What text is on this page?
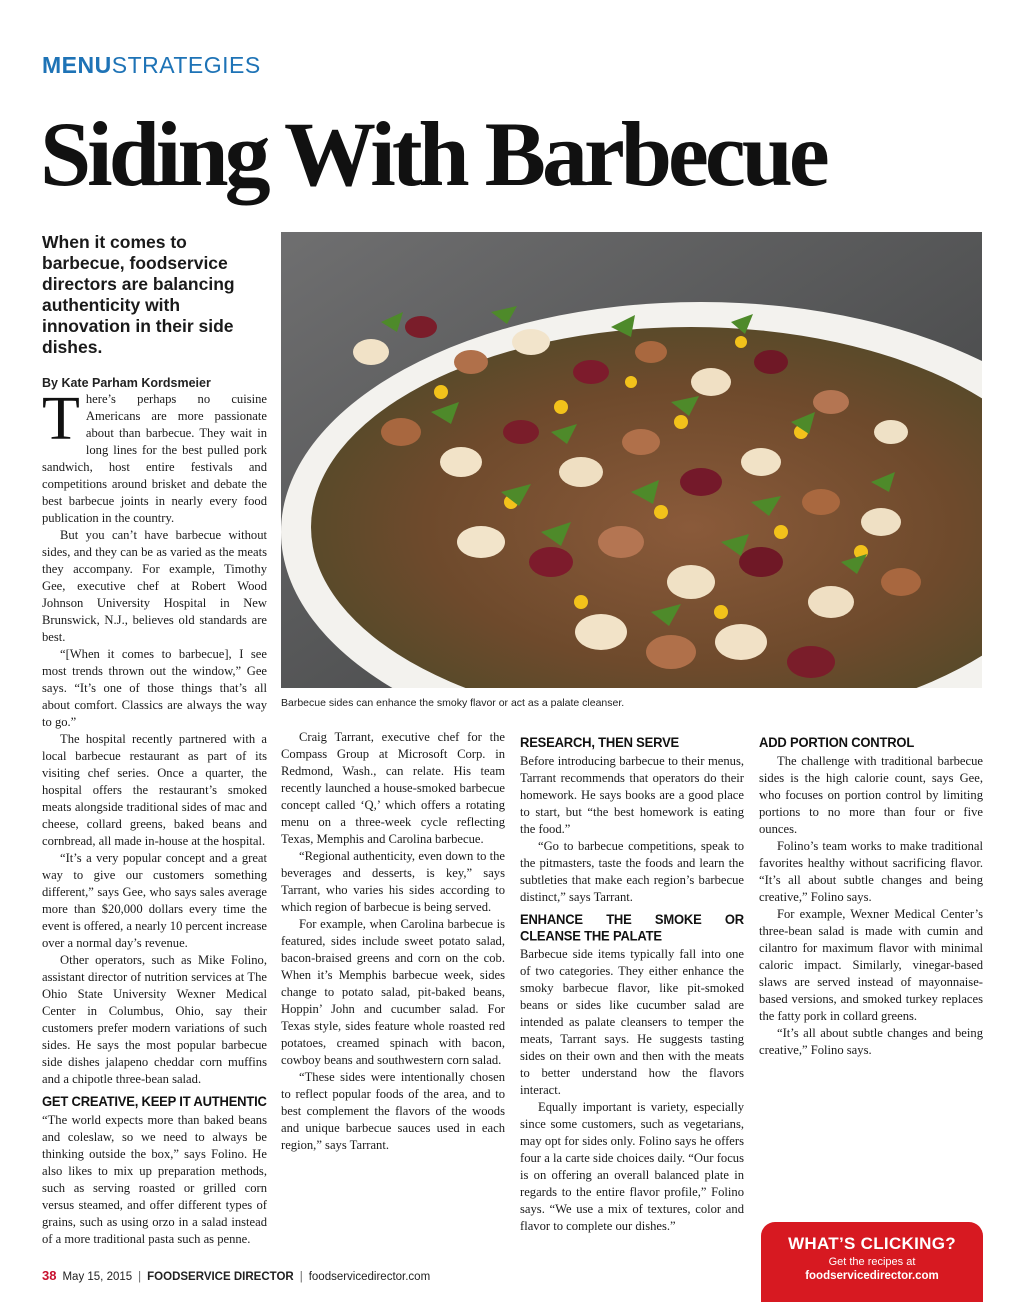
MENUSTRATEGIES
Siding With Barbecue
When it comes to barbecue, foodservice directors are balancing authenticity with innovation in their side dishes.
By Kate Parham Kordsmeier
Barbecue sides can enhance the smoky flavor or act as a palate cleanser.
T here’s perhaps no cuisine Americans are more passionate about than barbecue. They wait in long lines for the best pulled pork sandwich, host entire festivals and competitions around brisket and debate the best barbecue joints in nearly every food publication in the country.

But you can’t have barbecue without sides, and they can be as varied as the meats they accompany. For example, Timothy Gee, executive chef at Robert Wood Johnson University Hospital in New Brunswick, N.J., believes old standards are best.

“[When it comes to barbecue], I see most trends thrown out the window,” Gee says. “It’s one of those things that’s all about comfort. Classics are always the way to go.”

The hospital recently partnered with a local barbecue restaurant as part of its visiting chef series. Once a quarter, the hospital offers the restaurant’s smoked meats alongside traditional sides of mac and cheese, collard greens, baked beans and cornbread, all made in-house at the hospital.

“It’s a very popular concept and a great way to give our customers something different,” says Gee, who says sales average more than $20,000 dollars every time the event is offered, a nearly 10 percent increase over a normal day’s revenue.

Other operators, such as Mike Folino, assistant director of nutrition services at The Ohio State University Wexner Medical Center in Columbus, Ohio, say their customers prefer modern variations of such sides. He says the most popular barbecue side dishes jalapeno cheddar corn muffins and a chipotle three-bean salad.

GET CREATIVE, KEEP IT AUTHENTIC

“The world expects more than baked beans and coleslaw, so we need to always be thinking outside the box,” says Folino. He also likes to mix up preparation methods, such as serving roasted or grilled corn versus steamed, and offer different types of grains, such as using orzo in a salad instead of a more traditional pasta such as penne.

Craig Tarrant, executive chef for the Compass Group at Microsoft Corp. in Redmond, Wash., can relate. His team recently launched a house-smoked barbecue concept called ‘Q,’ which offers a rotating menu on a three-week cycle reflecting Texas, Memphis and Carolina barbecue.

“Regional authenticity, even down to the beverages and desserts, is key,” says Tarrant, who varies his sides according to which region of barbecue is being served.

For example, when Carolina barbecue is featured, sides include sweet potato salad, bacon-braised greens and corn on the cob. When it’s Memphis barbecue week, sides change to potato salad, pit-baked beans, Hoppin’ John and cucumber salad. For Texas style, sides feature whole roasted red potatoes, creamed spinach with bacon, cowboy beans and southwestern corn salad.

“These sides were intentionally chosen to reflect popular foods of the area, and to best complement the flavors of the woods and unique barbecue sauces used in each region,” says Tarrant.

RESEARCH, THEN SERVE

Before introducing barbecue to their menus, Tarrant recommends that operators do their homework. He says books are a good place to start, but “the best homework is eating the food.”

“Go to barbecue competitions, speak to the pitmasters, taste the foods and learn the subtleties that make each region’s barbecue distinct,” says Tarrant.

ENHANCE THE SMOKE OR CLEANSE THE PALATE

Barbecue side items typically fall into one of two categories. They either enhance the smoky barbecue flavor, like pit-smoked beans or sides like cucumber salad are intended as palate cleansers to temper the meats, Tarrant says. He suggests tasting sides on their own and then with the meats to better understand how the flavors interact.

Equally important is variety, especially since some customers, such as vegetarians, may opt for sides only. Folino says he offers four a la carte side choices daily. “Our focus is on offering an overall balanced plate in regards to the entire flavor profile,” Folino says. “We use a mix of textures, color and flavor to complete our dishes.”

ADD PORTION CONTROL

The challenge with traditional barbecue sides is the high calorie count, says Gee, who focuses on portion control by limiting portions to no more than four or five ounces.

Folino’s team works to make traditional favorites healthy without sacrificing flavor. “It’s all about subtle changes and being creative,” Folino says.

For example, Wexner Medical Center’s three-bean salad is made with cumin and cilantro for maximum flavor with minimal caloric impact. Similarly, vinegar-based slaws are served instead of mayonnaise-based versions, and smoked turkey replaces the fatty pork in collard greens.

“It’s all about subtle changes and being creative,” Folino says.

38 May 15, 2015 | FOODSERVICE DIRECTOR | foodservicedirector.com
WHAT’S CLICKING?
Get the recipes at
foodservicedirector.com
